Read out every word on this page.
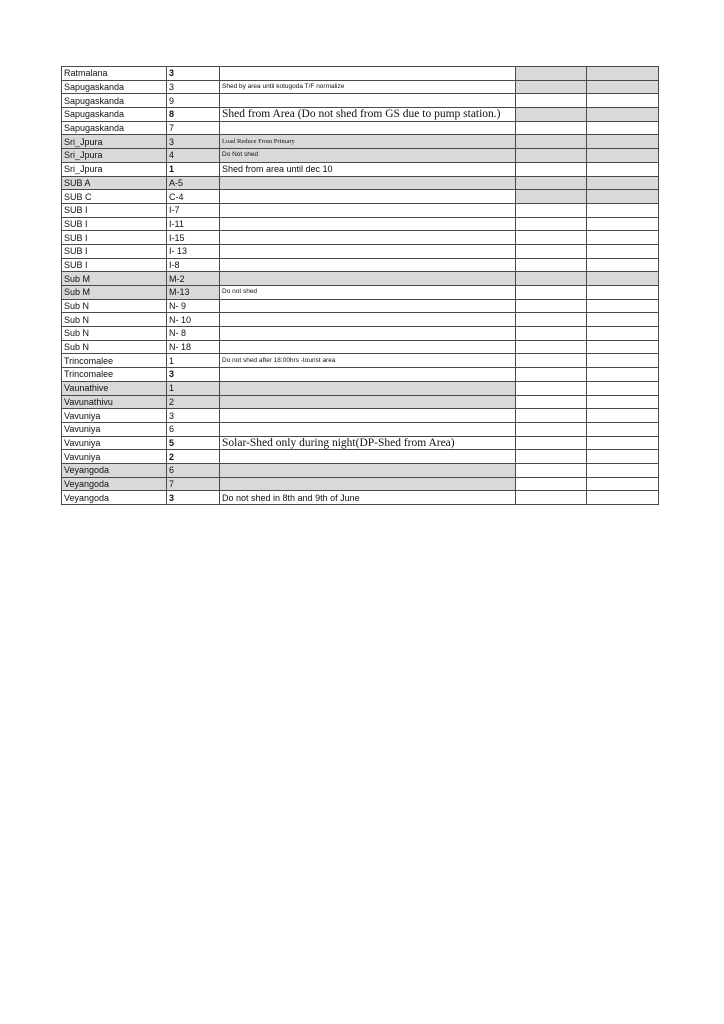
Ratmalana	3			
Sapugaskanda	3	Shed by area until kotugoda T/F normalize		
Sapugaskanda	9			
Sapugaskanda	8	Shed from Area (Do not shed from GS due to pump station.)		
Sapugaskanda	7			
Sri_Jpura	3	Load Reduce From Primary		
Sri_Jpura	4	Do Not shed		
Sri_Jpura	1	Shed from area until dec 10		
SUB A	A-5			
SUB C	C-4			
SUB I	I-7			
SUB I	I-11			
SUB I	I-15			
SUB I	I- 13			
SUB I	I-8			
Sub M	M-2			
Sub M	M-13	Do not shed		
Sub N	N- 9			
Sub N	N- 10			
Sub N	N- 8			
Sub N	N- 18			
Trincomalee	1	Do not shed after 18:00hrs -tourist area		
Trincomalee	3			
Vaunathive	1			
Vavunathivu	2			
Vavuniya	3			
Vavuniya	6			
Vavuniya	5	Solar-Shed only during night(DP-Shed from Area)		
Vavuniya	2			
Veyangoda	6			
Veyangoda	7			
Veyangoda	3	Do not shed in 8th and 9th of June		
